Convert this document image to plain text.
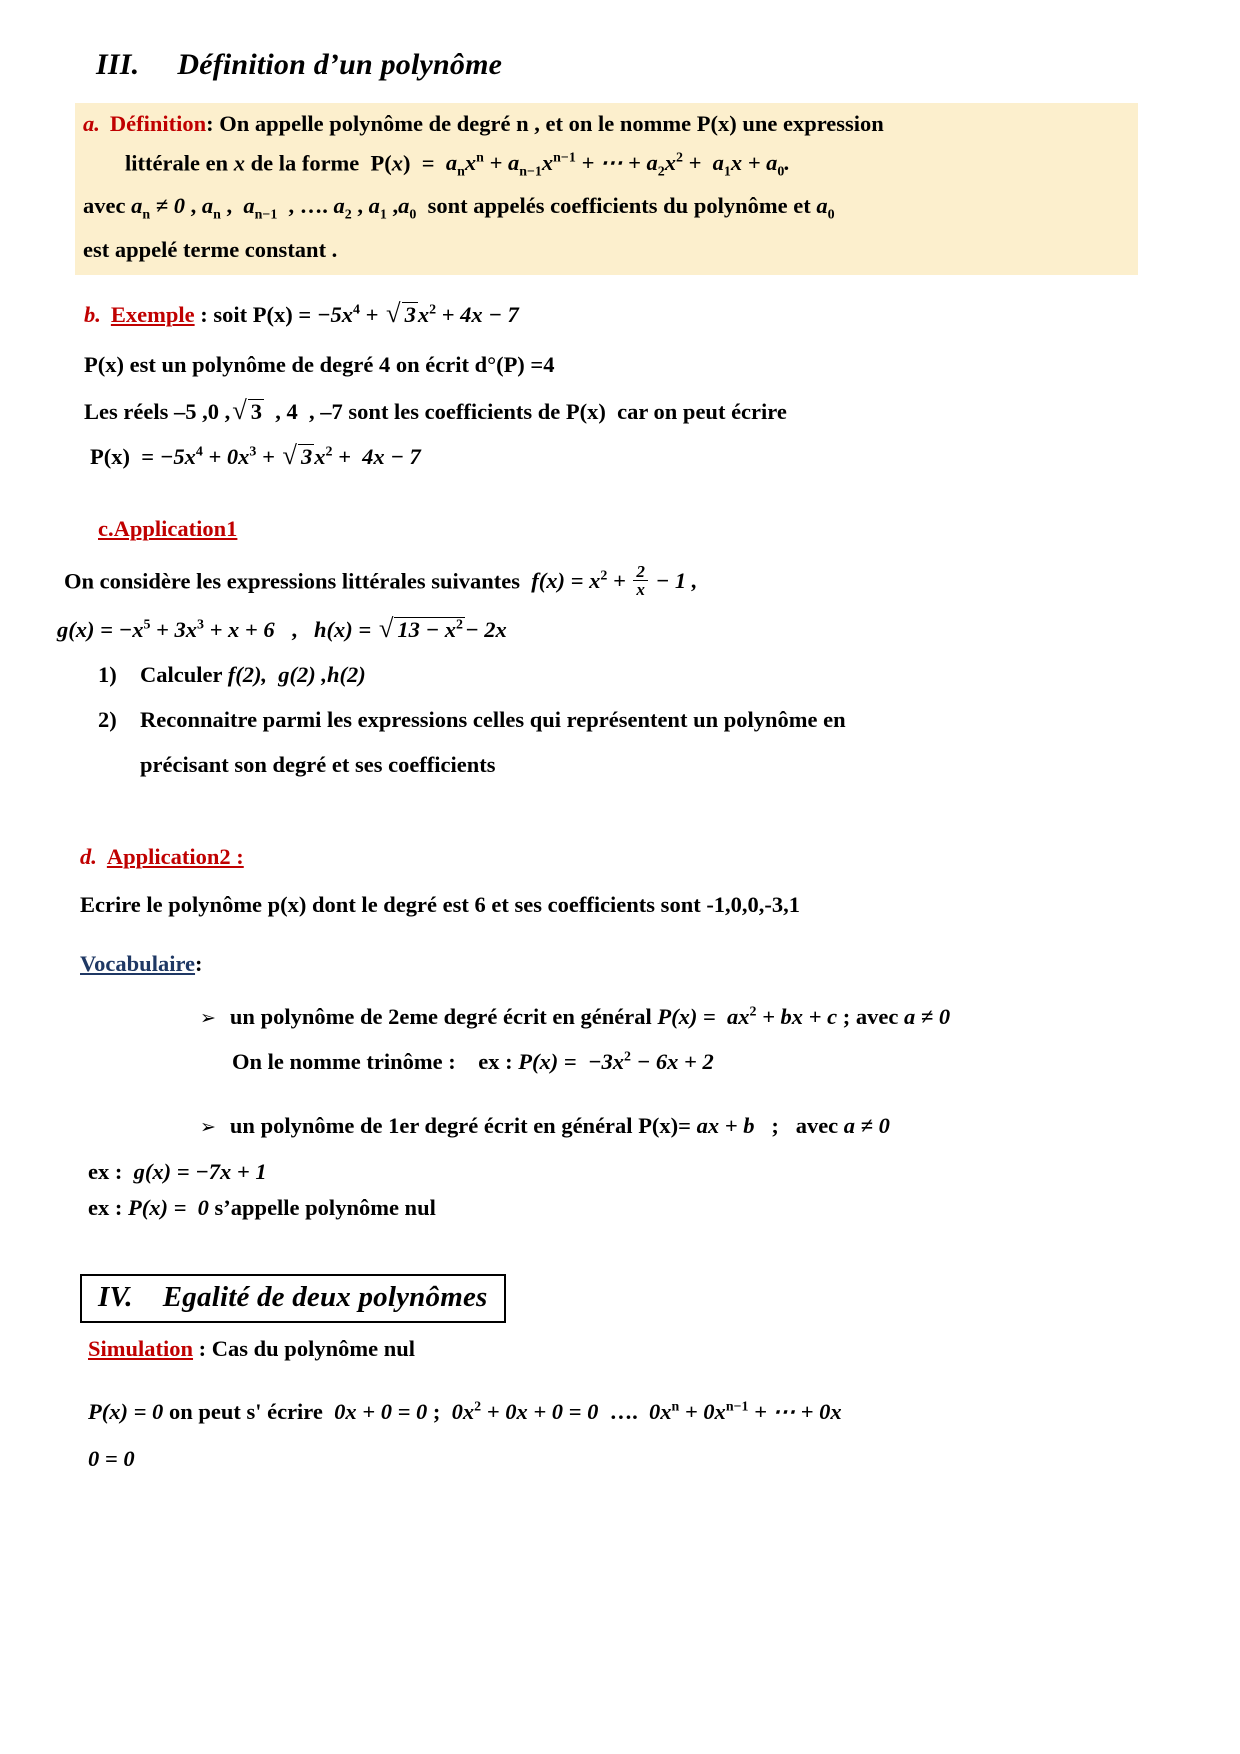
III. Définition d’un polynôme
a. Définition: On appelle polynôme de degré n , et on le nomme P(x) une expression
littérale en x de la forme $P(x) = a_nx^n + a_{n-1}x^{n-1}$ + ⋯ + $a_2x^2 + a_1x + a_0$.
avec $a_n \ne 0$ , $a_n$ ,  $a_{n-1}$  , …. $a_2$ , $a_1$ $,a_0$  sont appelés coefficients du polynôme et $a_0$
est appelé terme constant .
b. Exemple : soit $P(x) = -5x^4$ + √ $3x^2 + 4x - 7$
P(x) est un polynôme de degré 4 on écrit d°(P) =4
Les réels –5 ,0 ,√ 3  , 4  , –7 sont les coefficients de P(x)  car on peut écrire
$P(x) = -5x^4 + 0x^3$ + √ $3x^2 + 4x - 7$
c.Application1
On considère les expressions littérales suivantes $f(x) = x^2 + \frac{2}{x} - 1$ ,
$g(x) = -x^5 + 3x^3 + x + 6$   ,   h(x) = √ $13 - x^2- 2x$
1) Calculer f(2),  g(2) ,h(2)
2) Reconnaitre parmi les expressions celles qui représentent un polynôme en
précisant son degré et ses coefficients
d. Application2 :
Ecrire le polynôme p(x) dont le degré est 6 et ses coefficients sont -1,0,0,-3,1
Vocabulaire:
➢ un polynôme de 2eme degré écrit en général $P(x) = ax^2$ + bx + c ; avec a ≠ 0
On le nomme trinôme : ex : $P(x) = -3x^2 - 6x + 2$
➢ un polynôme de 1er degré écrit en général P(x)= ax + b   ;   avec a ≠ 0
ex :  g(x) = −7x + 1
ex : P(x) =  0 s’appelle polynôme nul
IV. Egalité de deux polynômes
Simulation : Cas du polynôme nul
P(x) = 0 on peut s' écrire  0x + 0 = 0 ;  $0x^2 + 0x + 0 = 0$  ….  $0x^n + 0x^{n-1}$ + ⋯ + 0x
0 = 0
